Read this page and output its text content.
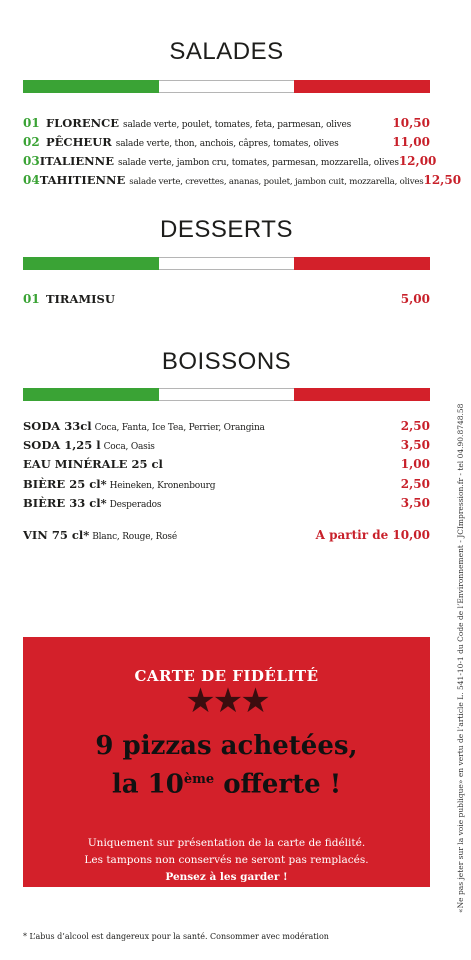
SALADES
01 FLORENCE salade verte, poulet, tomates, feta, parmesan, olives	10,50
02 PÊCHEUR salade verte, thon, anchois, câpres, tomates, olives	11,00
03 ITALIENNE salade verte, jambon cru, tomates, parmesan, mozzarella, olives 12,00
04 TAHITIENNE salade verte, crevettes, ananas, poulet, jambon cuit, mozzarella, olives 12,50
DESSERTS
01 TIRAMISU	5,00
BOISSONS
SODA 33cl Coca, Fanta, Ice Tea, Perrier, Orangina	2,50
SODA 1,25 l Coca, Oasis	3,50
EAU MINÉRALE 25 cl	1,00
BIÈRE 25 cl* Heineken, Kronenbourg	2,50
BIÈRE 33 cl* Desperados	3,50
VIN 75 cl* Blanc, Rouge, Rosé	A partir de 10,00
CARTE DE FIDÉLITÉ
★★★
9 pizzas achetées,
la 10ème offerte !
Uniquement sur présentation de la carte de fidélité.
Les tampons non conservés ne seront pas remplacés.
Pensez à les garder !
La pizza offerte, commandée seule, ne fera pas l’objet d’une livraison.
* L’abus d’alcool est dangereux pour la santé. Consommer avec modération
«Ne pas jeter sur la voie publique» en vertu de l’article L. 541-10-1 du Code de l’Environnement - JCImpression.fr - tel 04.90.8748.58
